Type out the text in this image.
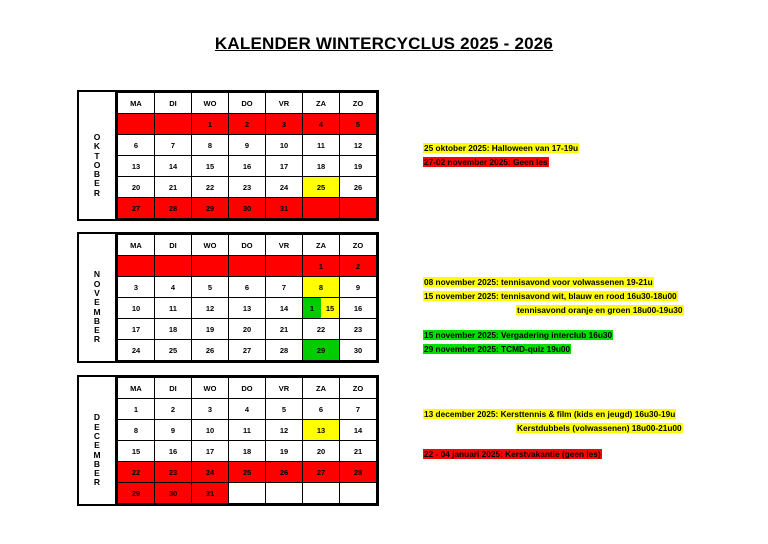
KALENDER WINTERCYCLUS 2025 - 2026
O
K
T
O
B
E
R
MA	DI	WO	DO	VR	ZA	ZO
		1	2	3	4	5
6	7	8	9	10	11	12
13	14	15	16	17	18	19
20	21	22	23	24	25	26
27	28	29	30	31		
N
O
V
E
M
B
E
R
MA	DI	WO	DO	VR	ZA	ZO
					1	2
3	4	5	6	7	8	9
10	11	12	13	14	1 15	16
17	18	19	20	21	22	23
24	25	26	27	28	29	30
D
E
C
E
M
B
E
R
MA	DI	WO	DO	VR	ZA	ZO
1	2	3	4	5	6	7
8	9	10	11	12	13	14
15	16	17	18	19	20	21
22	23	24	25	26	27	28
29	30	31				
25 oktober 2025: Halloween van 17-19u
27-02 november 2025: Geen les
08 november 2025: tennisavond voor volwassenen 19-21u
15 november 2025: tennisavond wit, blauw en rood 16u30-18u00
tennisavond oranje en groen 18u00-19u30
15 november 2025: Vergadering interclub 16u30
29 november 2025: TCMD-quiz 19u00
13 december 2025: Kersttennis & film (kids en jeugd) 16u30-19u
Kerstdubbels (volwassenen) 18u00-21u00
22 - 04 januari 2025: Kerstvakantie (geen les)
